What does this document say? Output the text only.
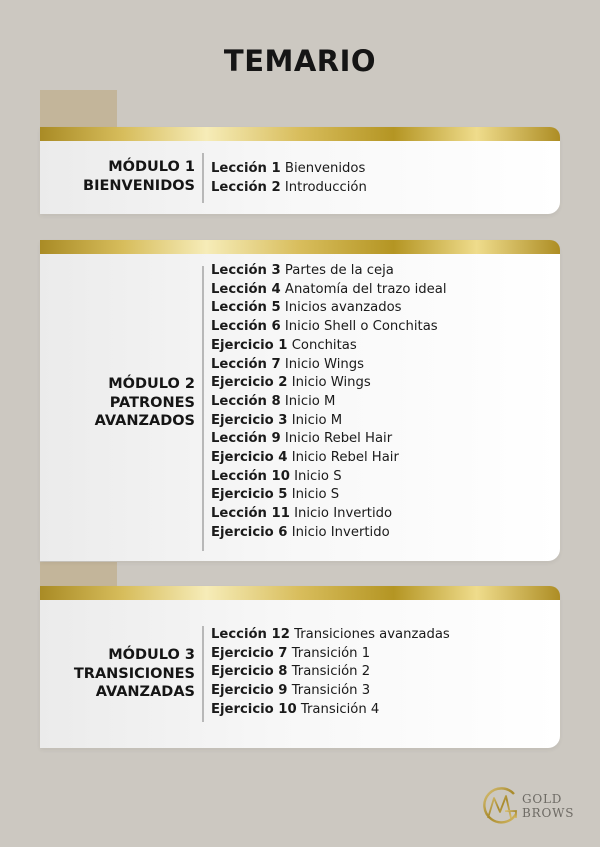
TEMARIO
MÓDULO 1
BIENVENIDOS
Lección 1 Bienvenidos
Lección 2 Introducción
MÓDULO 2
PATRONES
AVANZADOS
Lección 3 Partes de la ceja
Lección 4 Anatomía del trazo ideal
Lección 5 Inicios avanzados
Lección 6 Inicio Shell o Conchitas
Ejercicio 1 Conchitas
Lección 7 Inicio Wings
Ejercicio 2 Inicio Wings
Lección 8 Inicio M
Ejercicio 3 Inicio M
Lección 9 Inicio Rebel Hair
Ejercicio 4 Inicio Rebel Hair
Lección 10 Inicio S
Ejercicio 5 Inicio S
Lección 11 Inicio Invertido
Ejercicio 6 Inicio Invertido
MÓDULO 3
TRANSICIONES
AVANZADAS
Lección 12 Transiciones avanzadas
Ejercicio 7 Transición 1
Ejercicio 8 Transición 2
Ejercicio 9 Transición 3
Ejercicio 10 Transición 4
GOLD
BROWS
